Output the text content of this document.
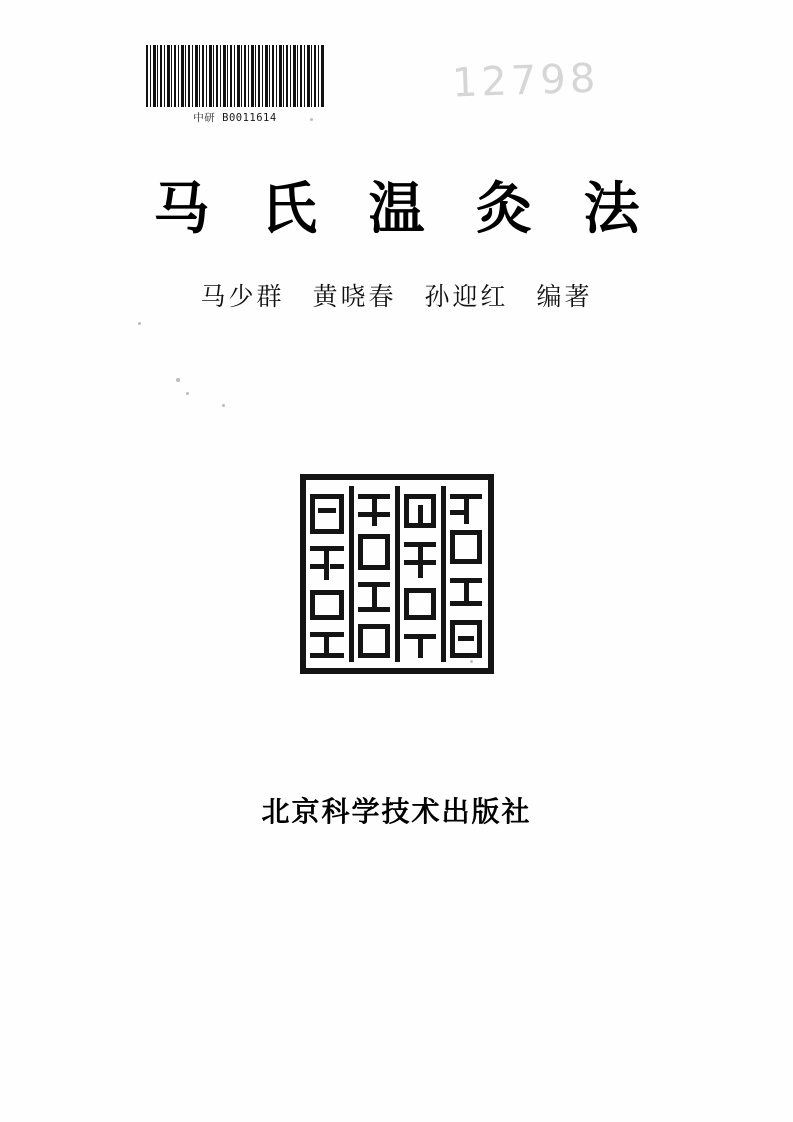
中研 B0011614
12798
马 氏 温 灸 法
马少群　黄哓春　孙迎红　编著
北京科学技术出版社
